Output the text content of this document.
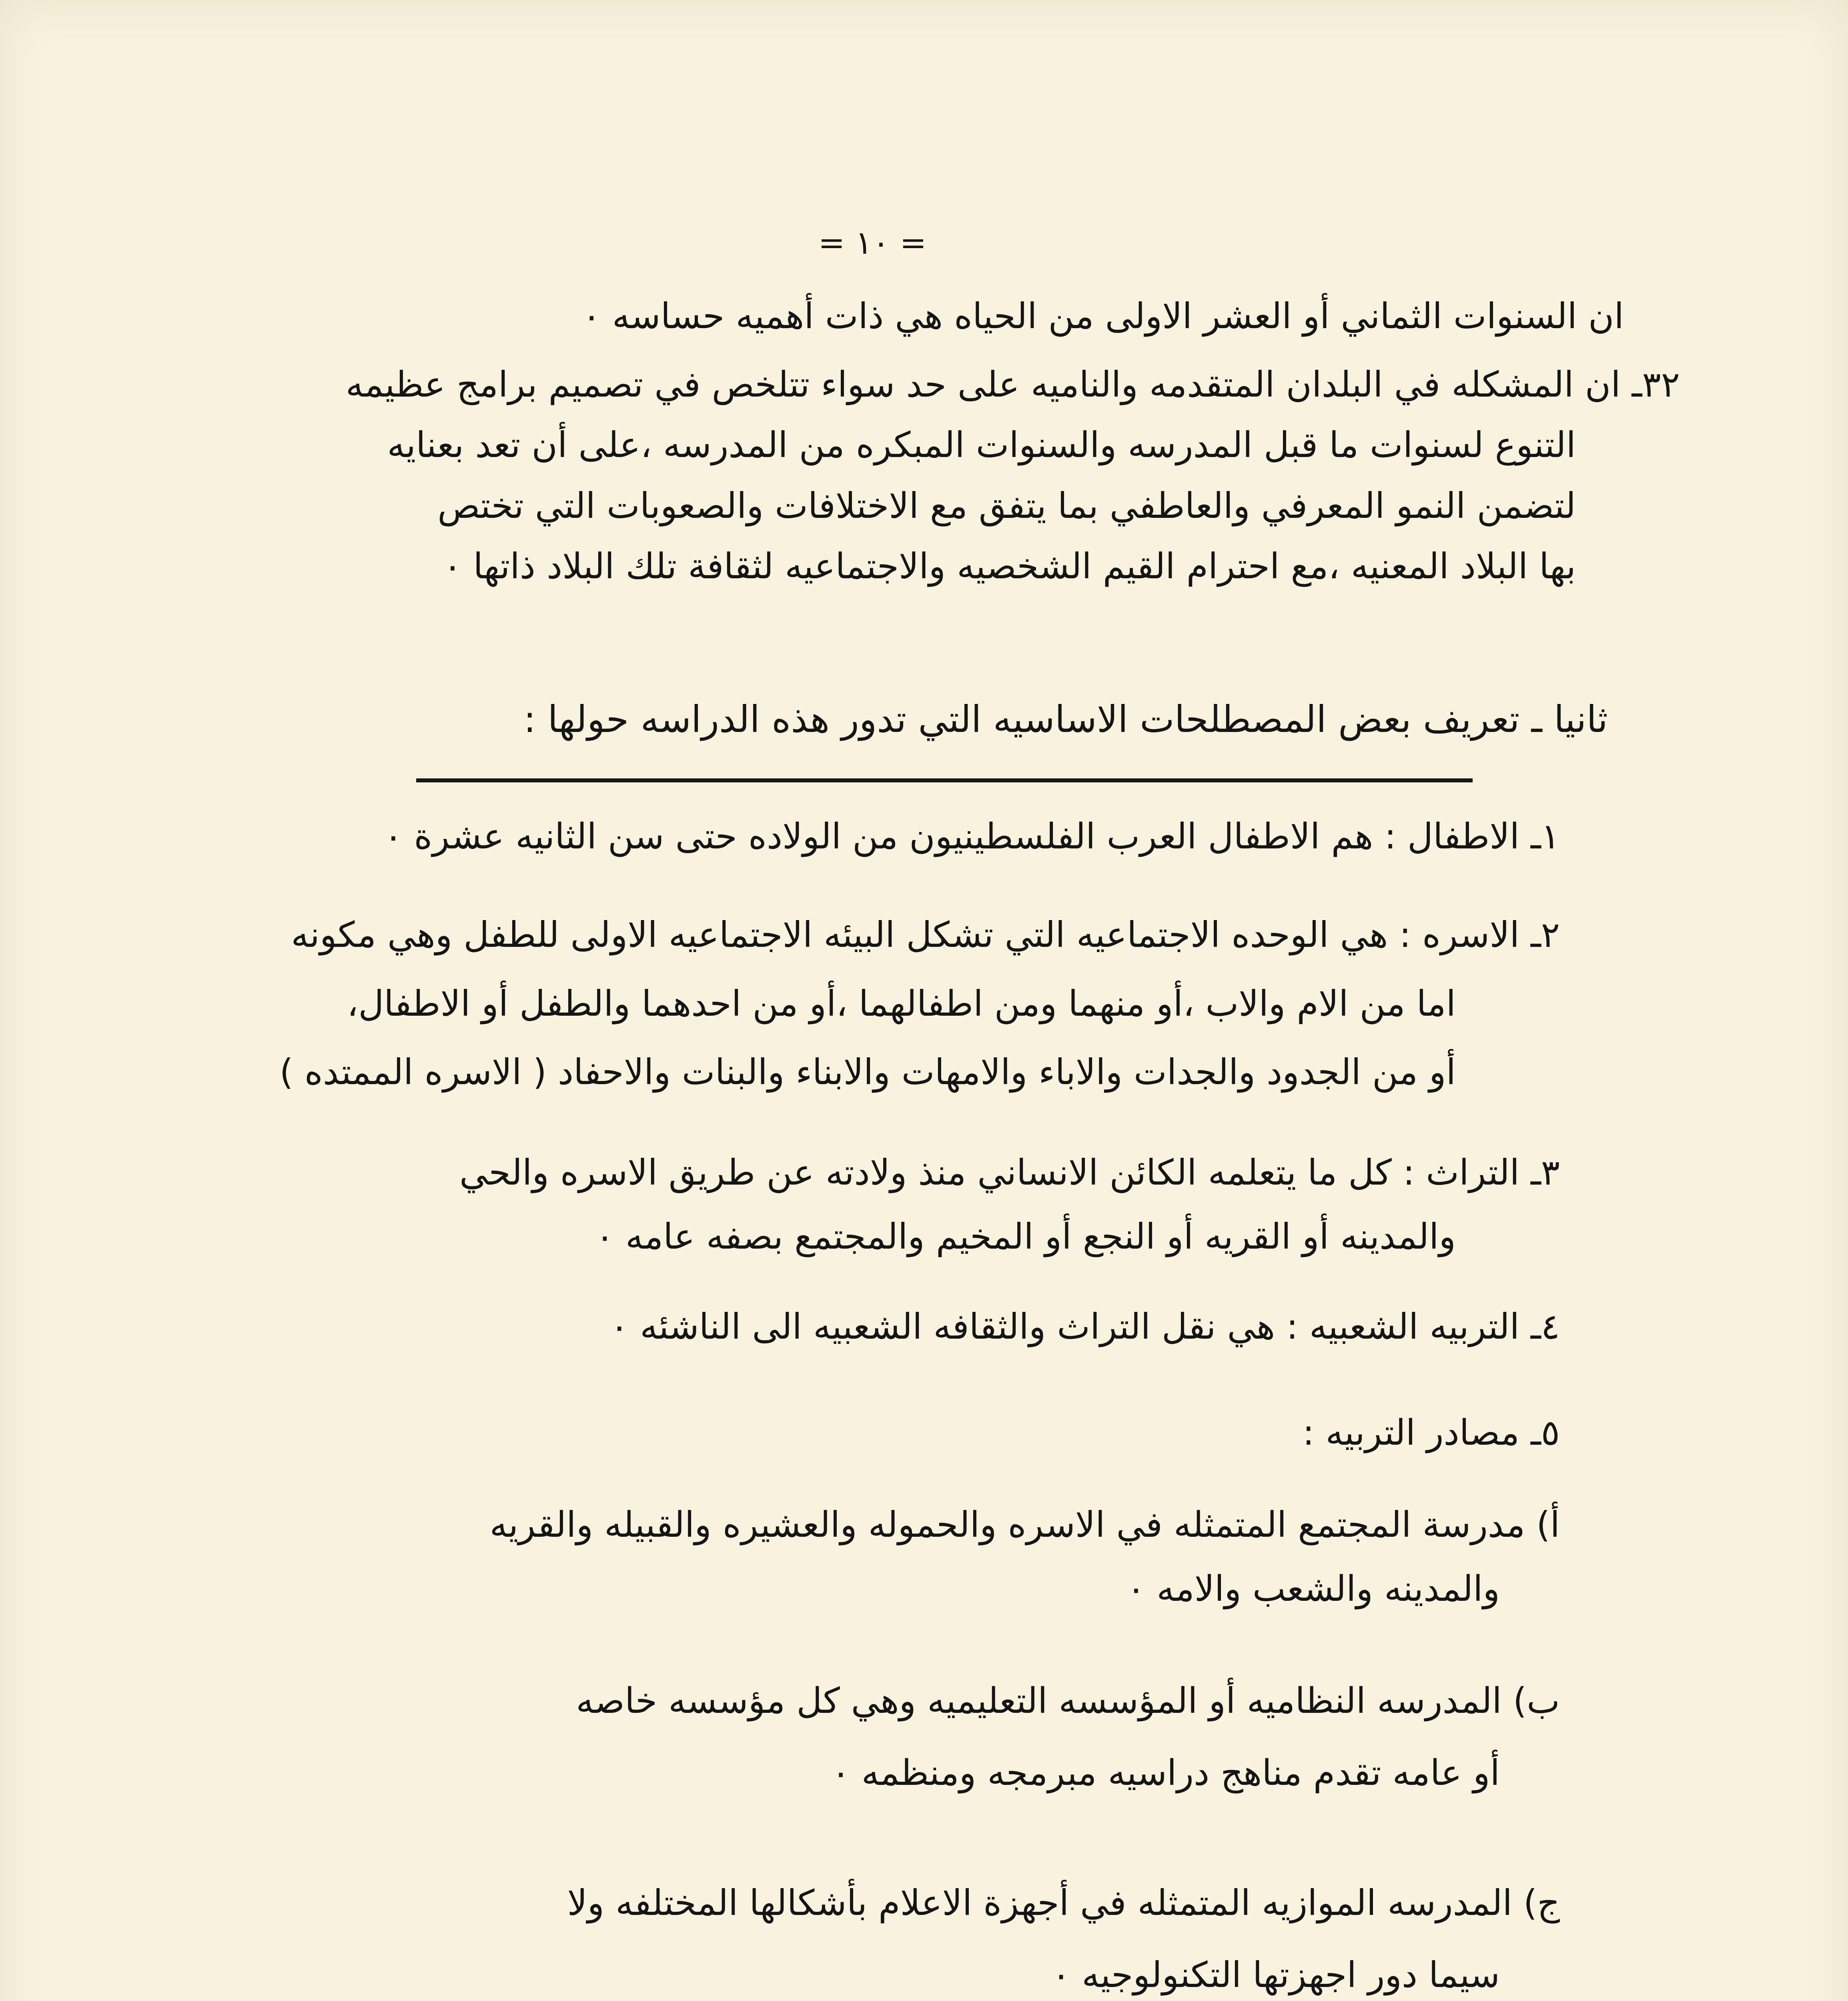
= ١٠ =
ان السنوات الثماني أو العشر الاولى من الحياه هي ذات أهميه حساسه ٠
٣٢ـ ان المشكله في البلدان المتقدمه والناميه على حد سواء تتلخص في تصميم برامج عظيمه
التنوع لسنوات ما قبل المدرسه والسنوات المبكره من المدرسه ،على أن تعد بعنايه
لتضمن النمو المعرفي والعاطفي بما يتفق مع الاختلافات والصعوبات التي تختص
بها البلاد المعنيه ،مع احترام القيم الشخصيه والاجتماعيه لثقافة تلك البلاد ذاتها ٠
ثانيا ـ تعريف بعض المصطلحات الاساسيه التي تدور هذه الدراسه حولها :
١ـ الاطفال : هم الاطفال العرب الفلسطينيون من الولاده حتى سن الثانيه عشرة ٠
٢ـ الاسره : هي الوحده الاجتماعيه التي تشكل البيئه الاجتماعيه الاولى للطفل وهي مكونه
اما من الام والاب ،أو منهما ومن اطفالهما ،أو من احدهما والطفل أو الاطفال،
أو من الجدود والجدات والاباء والامهات والابناء والبنات والاحفاد ( الاسره الممتده )
٣ـ التراث : كل ما يتعلمه الكائن الانساني منذ ولادته عن طريق الاسره والحي
والمدينه أو القريه أو النجع أو المخيم والمجتمع بصفه عامه ٠
٤ـ التربيه الشعبيه : هي نقل التراث والثقافه الشعبيه الى الناشئه ٠
٥ـ مصادر التربيه :
أ) مدرسة المجتمع المتمثله في الاسره والحموله والعشيره والقبيله والقريه
والمدينه والشعب والامه ٠
ب) المدرسه النظاميه أو المؤسسه التعليميه وهي كل مؤسسه خاصه
أو عامه تقدم مناهج دراسيه مبرمجه ومنظمه ٠
ج) المدرسه الموازيه المتمثله في أجهزة الاعلام بأشكالها المختلفه ولا
سيما دور اجهزتها التكنولوجيه ٠
